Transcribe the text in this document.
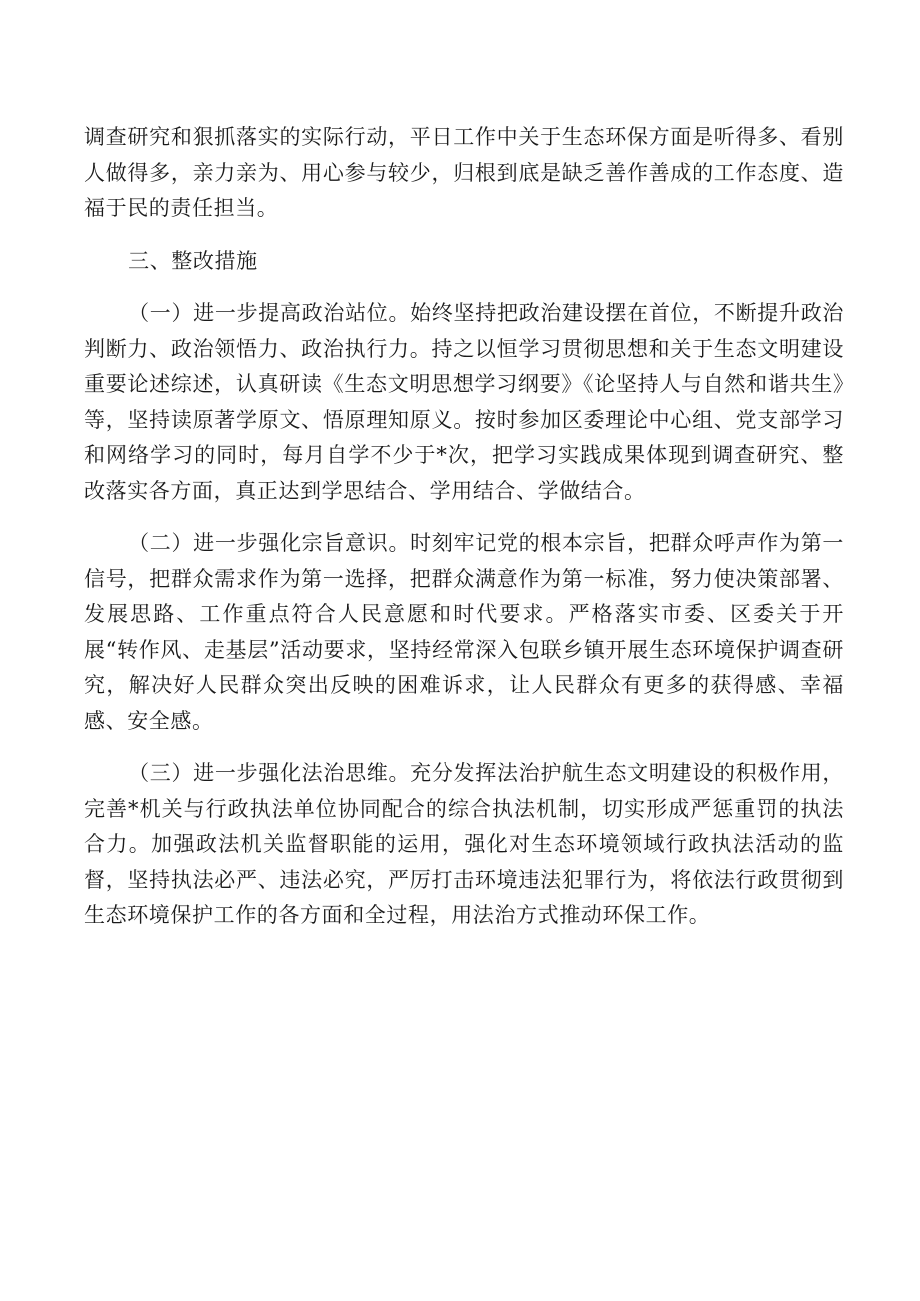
调查研究和狠抓落实的实际行动，平日工作中关于生态环保方面是听得多、看别人做得多，亲力亲为、用心参与较少，归根到底是缺乏善作善成的工作态度、造福于民的责任担当。

三、整改措施

（一）进一步提高政治站位。始终坚持把政治建设摆在首位，不断提升政治判断力、政治领悟力、政治执行力。持之以恒学习贯彻思想和关于生态文明建设重要论述综述，认真研读《生态文明思想学习纲要》《论坚持人与自然和谐共生》等，坚持读原著学原文、悟原理知原义。按时参加区委理论中心组、党支部学习和网络学习的同时，每月自学不少于*次，把学习实践成果体现到调查研究、整改落实各方面，真正达到学思结合、学用结合、学做结合。

（二）进一步强化宗旨意识。时刻牢记党的根本宗旨，把群众呼声作为第一信号，把群众需求作为第一选择，把群众满意作为第一标准，努力使决策部署、发展思路、工作重点符合人民意愿和时代要求。严格落实市委、区委关于开展“转作风、走基层”活动要求，坚持经常深入包联乡镇开展生态环境保护调查研究，解决好人民群众突出反映的困难诉求，让人民群众有更多的获得感、幸福感、安全感。

（三）进一步强化法治思维。充分发挥法治护航生态文明建设的积极作用，完善*机关与行政执法单位协同配合的综合执法机制，切实形成严惩重罚的执法合力。加强政法机关监督职能的运用，强化对生态环境领域行政执法活动的监督，坚持执法必严、违法必究，严厉打击环境违法犯罪行为，将依法行政贯彻到生态环境保护工作的各方面和全过程，用法治方式推动环保工作。
